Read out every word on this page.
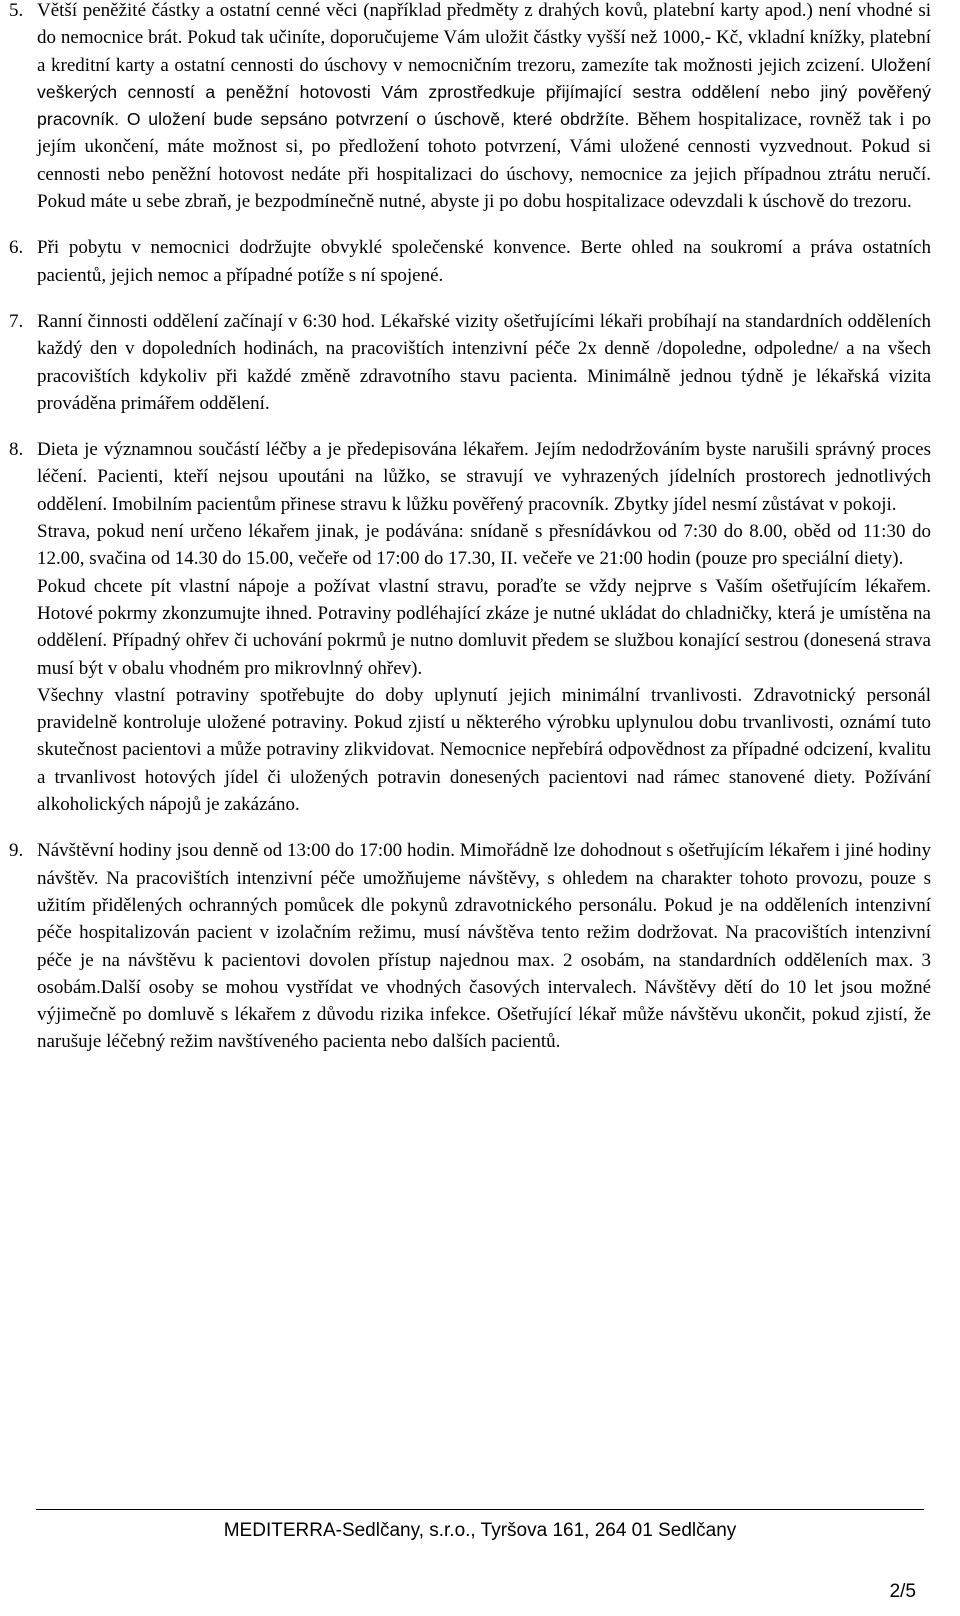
5. Větší peněžité částky a ostatní cenné věci (například předměty z drahých kovů, platební karty apod.) není vhodné si do nemocnice brát. Pokud tak učiníte, doporučujeme Vám uložit částky vyšší než 1000,- Kč, vkladní knížky, platební a kreditní karty a ostatní cennosti do úschovy v nemocničním trezoru, zamezíte tak možnosti jejich zcizení. Uložení veškerých cenností a peněžní hotovosti Vám zprostředkuje přijímající sestra oddělení nebo jiný pověřený pracovník. O uložení bude sepsáno potvrzení o úschově, které obdržíte. Během hospitalizace, rovněž tak i po jejím ukončení, máte možnost si, po předložení tohoto potvrzení, Vámi uložené cennosti vyzvednout. Pokud si cennosti nebo peněžní hotovost nedáte při hospitalizaci do úschovy, nemocnice za jejich případnou ztrátu neručí. Pokud máte u sebe zbraň, je bezpodmínečně nutné, abyste ji po dobu hospitalizace odevzdali k úschově do trezoru.
6. Při pobytu v nemocnici dodržujte obvyklé společenské konvence. Berte ohled na soukromí a práva ostatních pacientů, jejich nemoc a případné potíže s ní spojené.
7. Ranní činnosti oddělení začínají v 6:30 hod. Lékařské vizity ošetřujícími lékaři probíhají na standardních odděleních každý den v dopoledních hodinách, na pracovištích intenzivní péče 2x denně /dopoledne, odpoledne/ a na všech pracovištích kdykoliv při každé změně zdravotního stavu pacienta. Minimálně jednou týdně je lékařská vizita prováděna primářem oddělení.
8. Dieta je významnou součástí léčby a je předepisována lékařem. Jejím nedodržováním byste narušili správný proces léčení. Pacienti, kteří nejsou upoutáni na lůžko, se stravují ve vyhrazených jídelních prostorech jednotlivých oddělení. Imobilním pacientům přinese stravu k lůžku pověřený pracovník. Zbytky jídel nesmí zůstávat v pokoji.

Strava, pokud není určeno lékařem jinak, je podávána: snídaně s přesnídávkou od 7:30 do 8.00, oběd od 11:30 do 12.00, svačina od 14.30 do 15.00, večeře od 17:00 do 17.30, II. večeře ve 21:00 hodin (pouze pro speciální diety).

Pokud chcete pít vlastní nápoje a požívat vlastní stravu, poraďte se vždy nejprve s Vaším ošetřujícím lékařem. Hotové pokrmy zkonzumujte ihned. Potraviny podléhající zkáze je nutné ukládat do chladničky, která je umístěna na oddělení. Případný ohřev či uchování pokrmů je nutno domluvit předem se službou konající sestrou (donesená strava musí být v obalu vhodném pro mikrovlnný ohřev).

Všechny vlastní potraviny spotřebujte do doby uplynutí jejich minimální trvanlivosti. Zdravotnický personál pravidelně kontroluje uložené potraviny. Pokud zjistí u některého výrobku uplynulou dobu trvanlivosti, oznámí tuto skutečnost pacientovi a může potraviny zlikvidovat. Nemocnice nepřebírá odpovědnost za případné odcizení, kvalitu a trvanlivost hotových jídel či uložených potravin donesených pacientovi nad rámec stanovené diety. Požívání alkoholických nápojů je zakázáno.

9. Návštěvní hodiny jsou denně od 13:00 do 17:00 hodin. Mimořádně lze dohodnout s ošetřujícím lékařem i jiné hodiny návštěv. Na pracovištích intenzivní péče umožňujeme návštěvy, s ohledem na charakter tohoto provozu, pouze s užitím přidělených ochranných pomůcek dle pokynů zdravotnického personálu. Pokud je na odděleních intenzivní péče hospitalizován pacient v izolačním režimu, musí návštěva tento režim dodržovat. Na pracovištích intenzivní péče je na návštěvu k pacientovi dovolen přístup najednou max. 2 osobám, na standardních odděleních max. 3 osobám.Další osoby se mohou vystřídat ve vhodných časových intervalech. Návštěvy dětí do 10 let jsou možné výjimečně po domluvě s lékařem z důvodu rizika infekce. Ošetřující lékař může návštěvu ukončit, pokud zjistí, že narušuje léčebný režim navštíveného pacienta nebo dalších pacientů.
MEDITERRA-Sedlčany, s.r.o., Tyršova 161, 264 01 Sedlčany
2/5
